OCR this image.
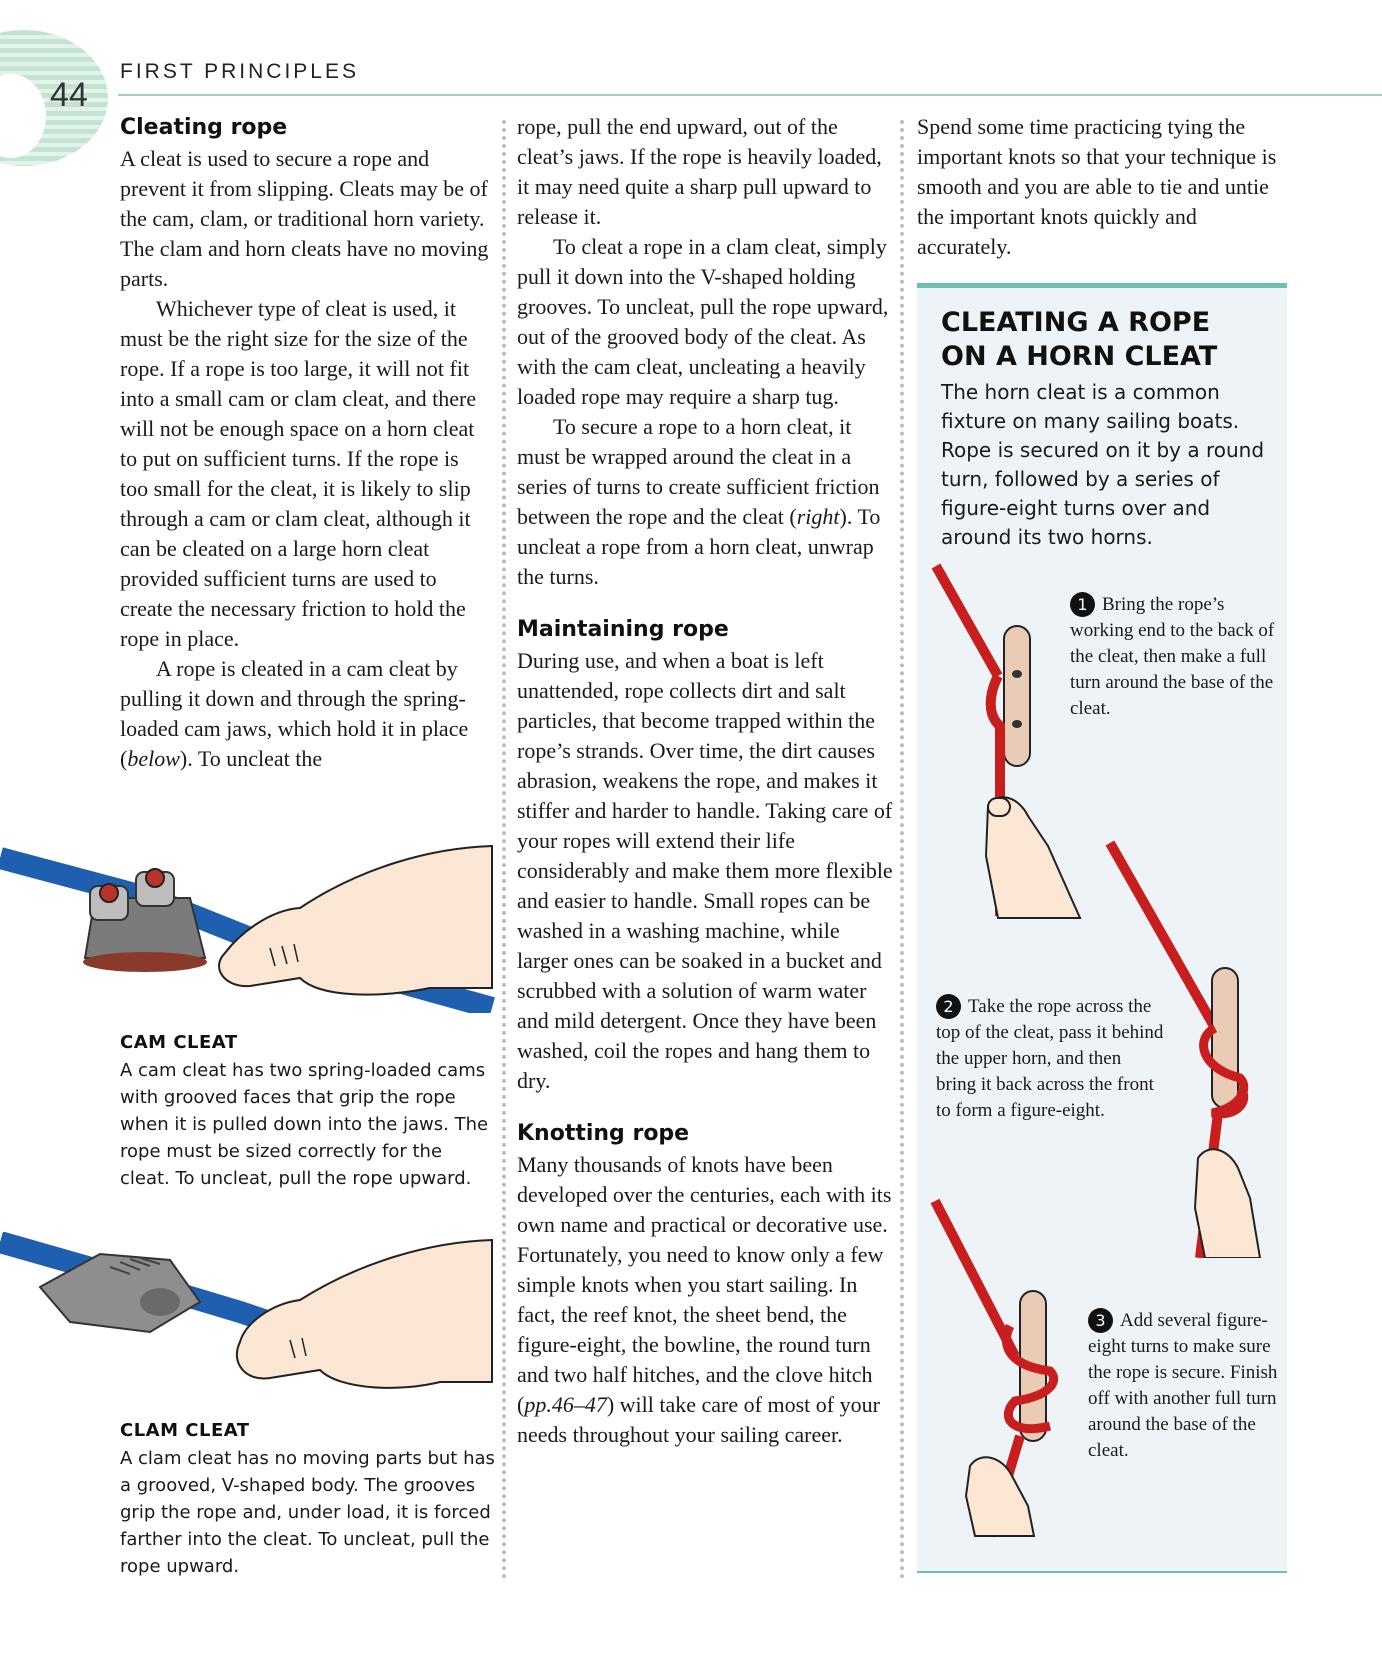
44
FIRST PRINCIPLES
Cleating rope

A cleat is used to secure a rope and prevent it from slipping. Cleats may be of the cam, clam, or traditional horn variety. The clam and horn cleats have no moving parts.

Whichever type of cleat is used, it must be the right size for the size of the rope. If a rope is too large, it will not fit into a small cam or clam cleat, and there will not be enough space on a horn cleat to put on sufficient turns. If the rope is too small for the cleat, it is likely to slip through a cam or clam cleat, although it can be cleated on a large horn cleat provided sufficient turns are used to create the necessary friction to hold the rope in place.

A rope is cleated in a cam cleat by pulling it down and through the spring-loaded cam jaws, which hold it in place (below). To uncleat the

CAM CLEAT

A cam cleat has two spring-loaded cams with grooved faces that grip the rope when it is pulled down into the jaws. The rope must be sized correctly for the cleat. To uncleat, pull the rope upward.

CLAM CLEAT

A clam cleat has no moving parts but has a grooved, V-shaped body. The grooves grip the rope and, under load, it is forced farther into the cleat. To uncleat, pull the rope upward.

rope, pull the end upward, out of the cleat’s jaws. If the rope is heavily loaded, it may need quite a sharp pull upward to release it.

To cleat a rope in a clam cleat, simply pull it down into the V-shaped holding grooves. To uncleat, pull the rope upward, out of the grooved body of the cleat. As with the cam cleat, uncleating a heavily loaded rope may require a sharp tug.

To secure a rope to a horn cleat, it must be wrapped around the cleat in a series of turns to create sufficient friction between the rope and the cleat (right). To uncleat a rope from a horn cleat, unwrap the turns.

Maintaining rope

During use, and when a boat is left unattended, rope collects dirt and salt particles, that become trapped within the rope’s strands. Over time, the dirt causes abrasion, weakens the rope, and makes it stiffer and harder to handle. Taking care of your ropes will extend their life considerably and make them more flexible and easier to handle. Small ropes can be washed in a washing machine, while larger ones can be soaked in a bucket and scrubbed with a solution of warm water and mild detergent. Once they have been washed, coil the ropes and hang them to dry.

Knotting rope

Many thousands of knots have been developed over the centuries, each with its own name and practical or decorative use. Fortunately, you need to know only a few simple knots when you start sailing. In fact, the reef knot, the sheet bend, the figure-eight, the bowline, the round turn and two half hitches, and the clove hitch (pp.46–47) will take care of most of your needs throughout your sailing career.

Spend some time practicing tying the important knots so that your technique is smooth and you are able to tie and untie the important knots quickly and accurately.

CLEATING A ROPE
ON A HORN CLEAT

The horn cleat is a common fixture on many sailing boats. Rope is secured on it by a round turn, followed by a series of figure-eight turns over and around its two horns.

1 Bring the rope’s working end to the back of the cleat, then make a full turn around the base of the cleat.

2 Take the rope across the top of the cleat, pass it behind the upper horn, and then bring it back across the front to form a figure-eight.

3 Add several figure-eight turns to make sure the rope is secure. Finish off with another full turn around the base of the cleat.
